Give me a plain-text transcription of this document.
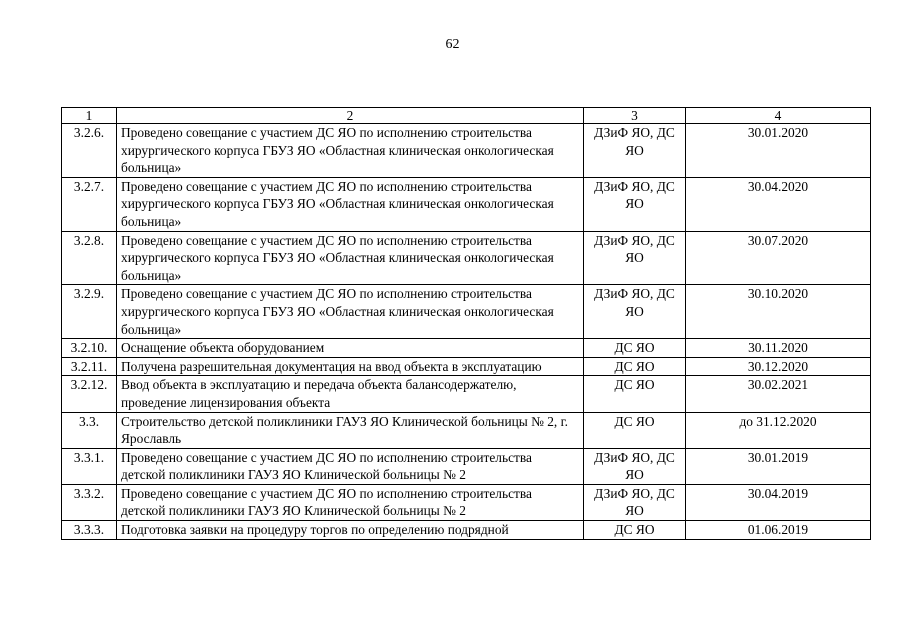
62
1	2	3	4
3.2.6.	Проведено совещание с участием ДС ЯО по исполнению строительства хирургического корпуса ГБУЗ ЯО «Областная клиническая онкологическая больница»	ДЗиФ ЯО, ДС ЯО	30.01.2020
3.2.7.	Проведено совещание с участием ДС ЯО по исполнению строительства хирургического корпуса ГБУЗ ЯО «Областная клиническая онкологическая больница»	ДЗиФ ЯО, ДС ЯО	30.04.2020
3.2.8.	Проведено совещание с участием ДС ЯО по исполнению строительства хирургического корпуса ГБУЗ ЯО «Областная клиническая онкологическая больница»	ДЗиФ ЯО, ДС ЯО	30.07.2020
3.2.9.	Проведено совещание с участием ДС ЯО по исполнению строительства хирургического корпуса ГБУЗ ЯО «Областная клиническая онкологическая больница»	ДЗиФ ЯО, ДС ЯО	30.10.2020
3.2.10.	Оснащение объекта оборудованием	ДС ЯО	30.11.2020
3.2.11.	Получена разрешительная документация на ввод объекта в эксплуатацию	ДС ЯО	30.12.2020
3.2.12.	Ввод объекта в эксплуатацию и передача объекта балансодержателю, проведение лицензирования объекта	ДС ЯО	30.02.2021
3.3.	Строительство детской поликлиники ГАУЗ ЯО Клинической больницы № 2, г. Ярославль	ДС ЯО	до 31.12.2020
3.3.1.	Проведено совещание с участием ДС ЯО по исполнению строительства детской поликлиники ГАУЗ ЯО Клинической больницы № 2	ДЗиФ ЯО, ДС ЯО	30.01.2019
3.3.2.	Проведено совещание с участием ДС ЯО по исполнению строительства детской поликлиники ГАУЗ ЯО Клинической больницы № 2	ДЗиФ ЯО, ДС ЯО	30.04.2019
3.3.3.	Подготовка заявки на процедуру торгов по определению подрядной	ДС ЯО	01.06.2019
